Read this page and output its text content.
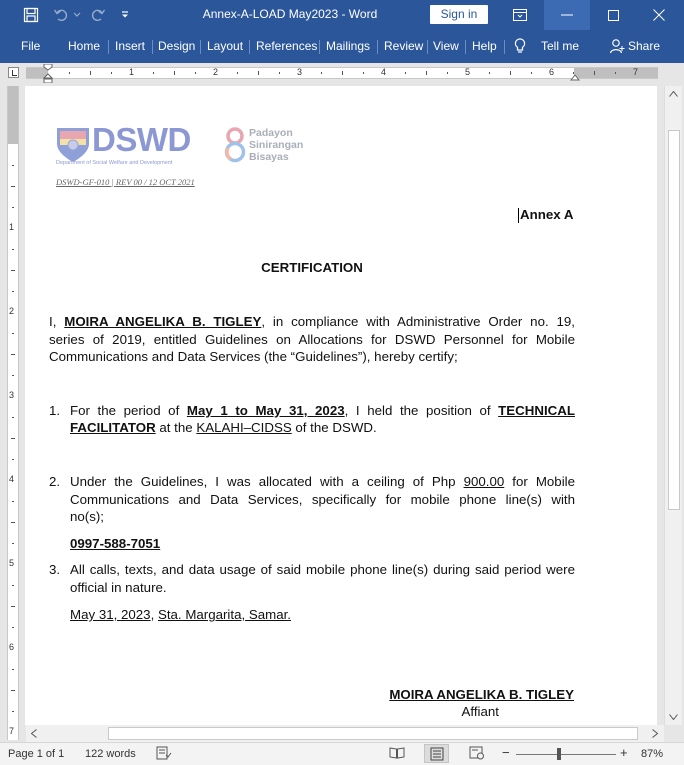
Annex-A-LOAD May2023 - Word	Sign in
File Home Insert Design Layout References Mailings Review View Help	Tell me	Share
1	2	3	4	5	6	7
1
2
3
4
5
6
7
DSWD
Department of Social Welfare and Development
Padayon
Sinirangan
Bisayas
DSWD-GF-010 | REV 00 / 12 OCT 2021
Annex A
CERTIFICATION
I, MOIRA ANGELIKA B. TIGLEY, in compliance with Administrative Order no. 19,
series of 2019, entitled Guidelines on Allocations for DSWD Personnel for Mobile
Communications and Data Services (the “Guidelines”), hereby certify;
1. For the period of May 1 to May 31, 2023, I held the position of TECHNICAL
FACILITATOR at the KALAHI–CIDSS of the DSWD.
2. Under the Guidelines, I was allocated with a ceiling of Php 900.00 for Mobile
Communications and Data Services, specifically for mobile phone line(s) with
no(s);
0997-588-7051
3. All calls, texts, and data usage of said mobile phone line(s) during said period were
official in nature.
May 31, 2023, Sta. Margarita, Samar.
MOIRA ANGELIKA B. TIGLEY
Affiant
Page 1 of 1 122 words	−	+ 87%
